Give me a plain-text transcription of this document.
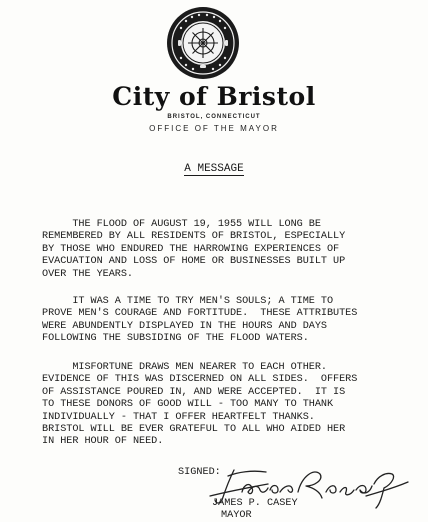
City of Bristol
BRISTOL, CONNECTICUT
OFFICE OF THE MAYOR
A MESSAGE
THE FLOOD OF AUGUST 19, 1955 WILL LONG BE
REMEMBERED BY ALL RESIDENTS OF BRISTOL, ESPECIALLY
BY THOSE WHO ENDURED THE HARROWING EXPERIENCES OF
EVACUATION AND LOSS OF HOME OR BUSINESSES BUILT UP
OVER THE YEARS.
IT WAS A TIME TO TRY MEN'S SOULS; A TIME TO
PROVE MEN'S COURAGE AND FORTITUDE.  THESE ATTRIBUTES
WERE ABUNDENTLY DISPLAYED IN THE HOURS AND DAYS
FOLLOWING THE SUBSIDING OF THE FLOOD WATERS.
MISFORTUNE DRAWS MEN NEARER TO EACH OTHER.
EVIDENCE OF THIS WAS DISCERNED ON ALL SIDES.  OFFERS
OF ASSISTANCE POURED IN, AND WERE ACCEPTED.  IT IS
TO THESE DONORS OF GOOD WILL - TOO MANY TO THANK
INDIVIDUALLY - THAT I OFFER HEARTFELT THANKS.
BRISTOL WILL BE EVER GRATEFUL TO ALL WHO AIDED HER
IN HER HOUR OF NEED.
SIGNED:
JAMES P. CASEY
MAYOR
